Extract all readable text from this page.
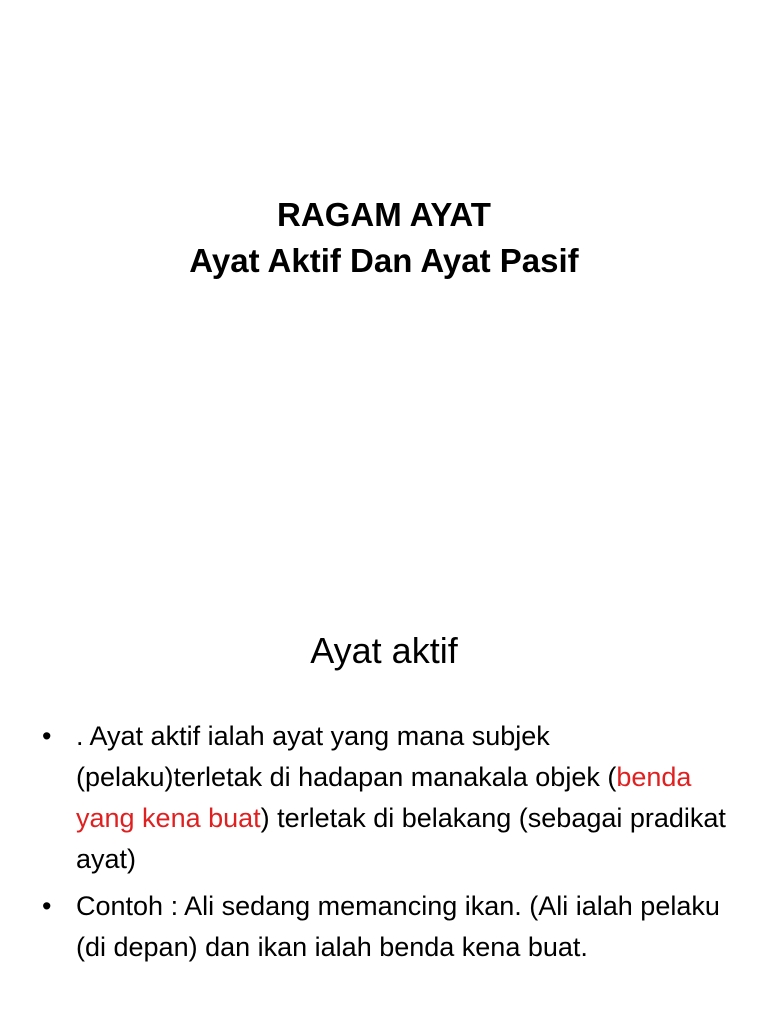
RAGAM AYAT
Ayat Aktif Dan Ayat Pasif
Ayat aktif
• . Ayat aktif ialah ayat yang mana subjek (pelaku)terletak di hadapan manakala objek (benda yang kena buat) terletak di belakang (sebagai pradikat ayat)
• Contoh : Ali sedang memancing ikan. (Ali ialah pelaku (di depan) dan ikan ialah benda kena buat.
